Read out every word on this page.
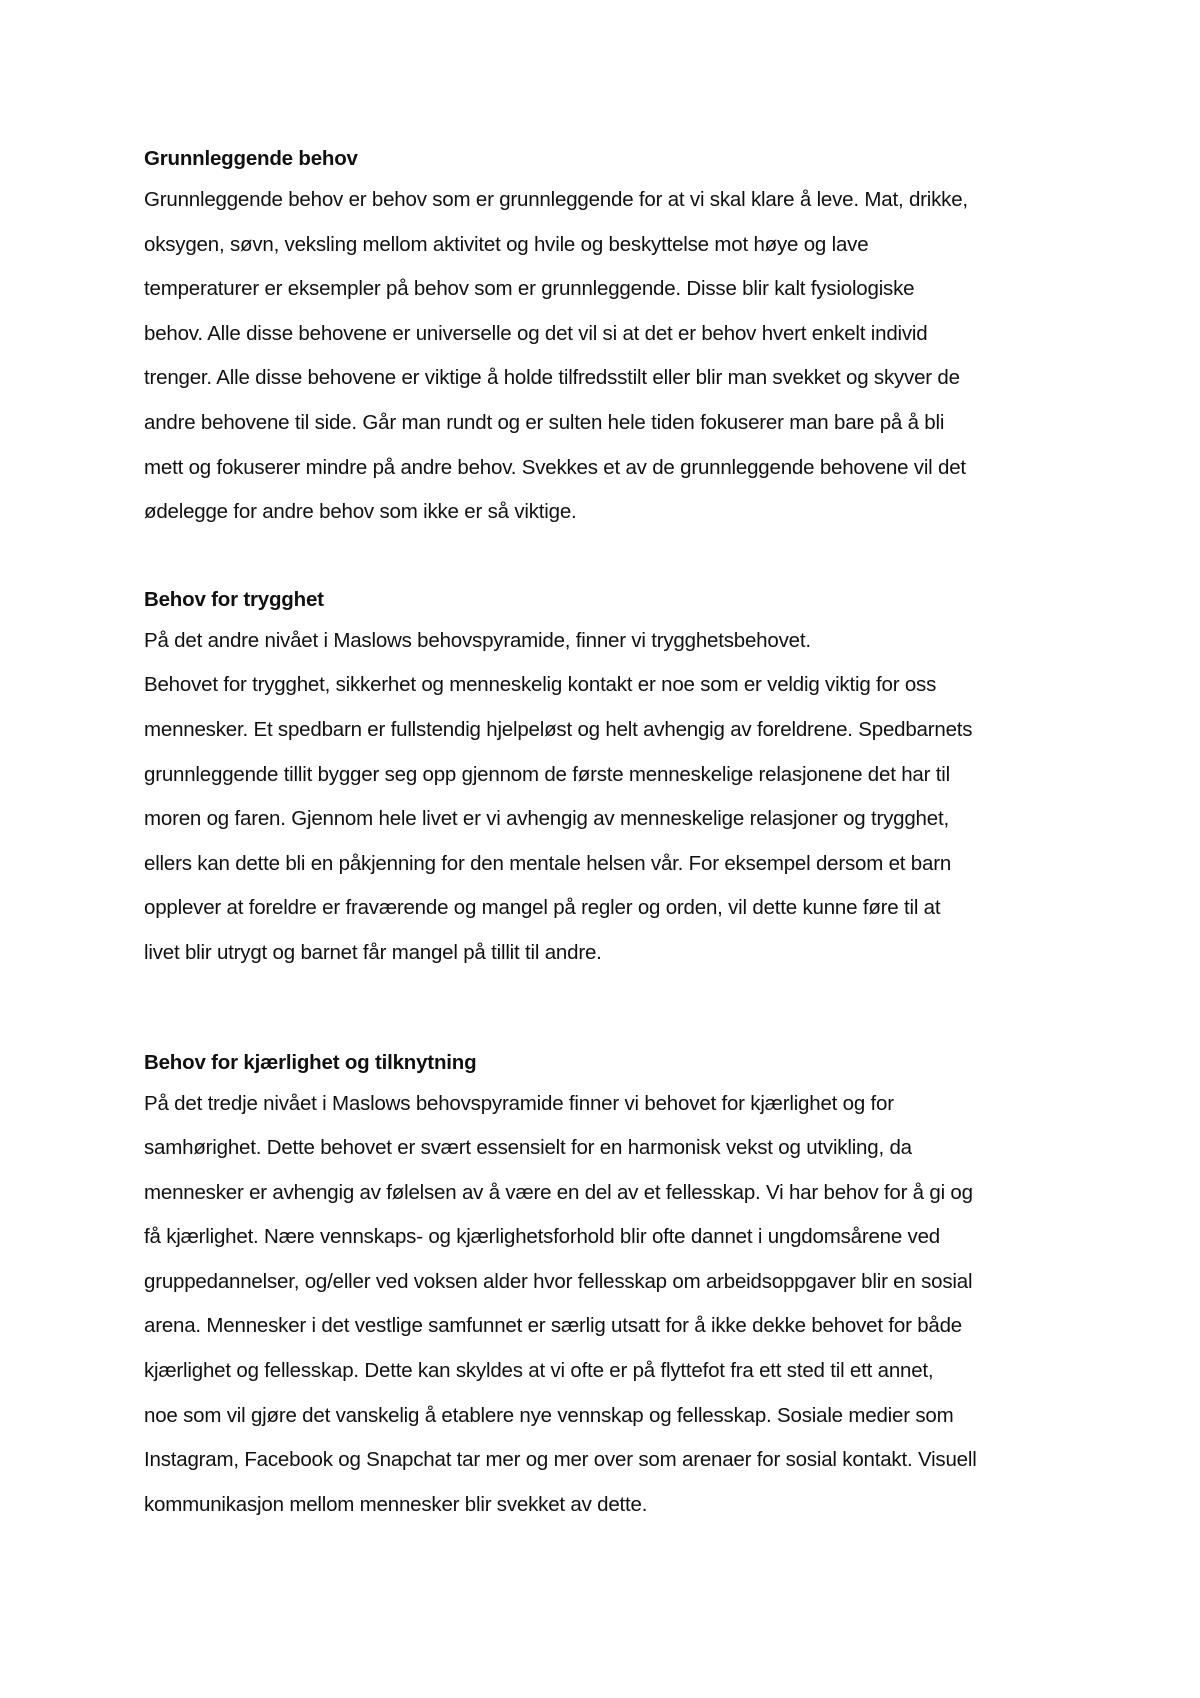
Grunnleggende behov
Grunnleggende behov er behov som er grunnleggende for at vi skal klare å leve. Mat, drikke,
oksygen, søvn, veksling mellom aktivitet og hvile og beskyttelse mot høye og lave
temperaturer er eksempler på behov som er grunnleggende. Disse blir kalt fysiologiske
behov. Alle disse behovene er universelle og det vil si at det er behov hvert enkelt individ
trenger. Alle disse behovene er viktige å holde tilfredsstilt eller blir man svekket og skyver de
andre behovene til side. Går man rundt og er sulten hele tiden fokuserer man bare på å bli
mett og fokuserer mindre på andre behov. Svekkes et av de grunnleggende behovene vil det
ødelegge for andre behov som ikke er så viktige.
Behov for trygghet
På det andre nivået i Maslows behovspyramide, finner vi trygghetsbehovet.
Behovet for trygghet, sikkerhet og menneskelig kontakt er noe som er veldig viktig for oss
mennesker. Et spedbarn er fullstendig hjelpeløst og helt avhengig av foreldrene. Spedbarnets
grunnleggende tillit bygger seg opp gjennom de første menneskelige relasjonene det har til
moren og faren. Gjennom hele livet er vi avhengig av menneskelige relasjoner og trygghet,
ellers kan dette bli en påkjenning for den mentale helsen vår. For eksempel dersom et barn
opplever at foreldre er fraværende og mangel på regler og orden, vil dette kunne føre til at
livet blir utrygt og barnet får mangel på tillit til andre.
Behov for kjærlighet og tilknytning
På det tredje nivået i Maslows behovspyramide finner vi behovet for kjærlighet og for
samhørighet. Dette behovet er svært essensielt for en harmonisk vekst og utvikling, da
mennesker er avhengig av følelsen av å være en del av et fellesskap. Vi har behov for å gi og
få kjærlighet. Nære vennskaps- og kjærlighetsforhold blir ofte dannet i ungdomsårene ved
gruppedannelser, og/eller ved voksen alder hvor fellesskap om arbeidsoppgaver blir en sosial
arena. Mennesker i det vestlige samfunnet er særlig utsatt for å ikke dekke behovet for både
kjærlighet og fellesskap. Dette kan skyldes at vi ofte er på flyttefot fra ett sted til ett annet,
noe som vil gjøre det vanskelig å etablere nye vennskap og fellesskap. Sosiale medier som
Instagram, Facebook og Snapchat tar mer og mer over som arenaer for sosial kontakt. Visuell
kommunikasjon mellom mennesker blir svekket av dette.
